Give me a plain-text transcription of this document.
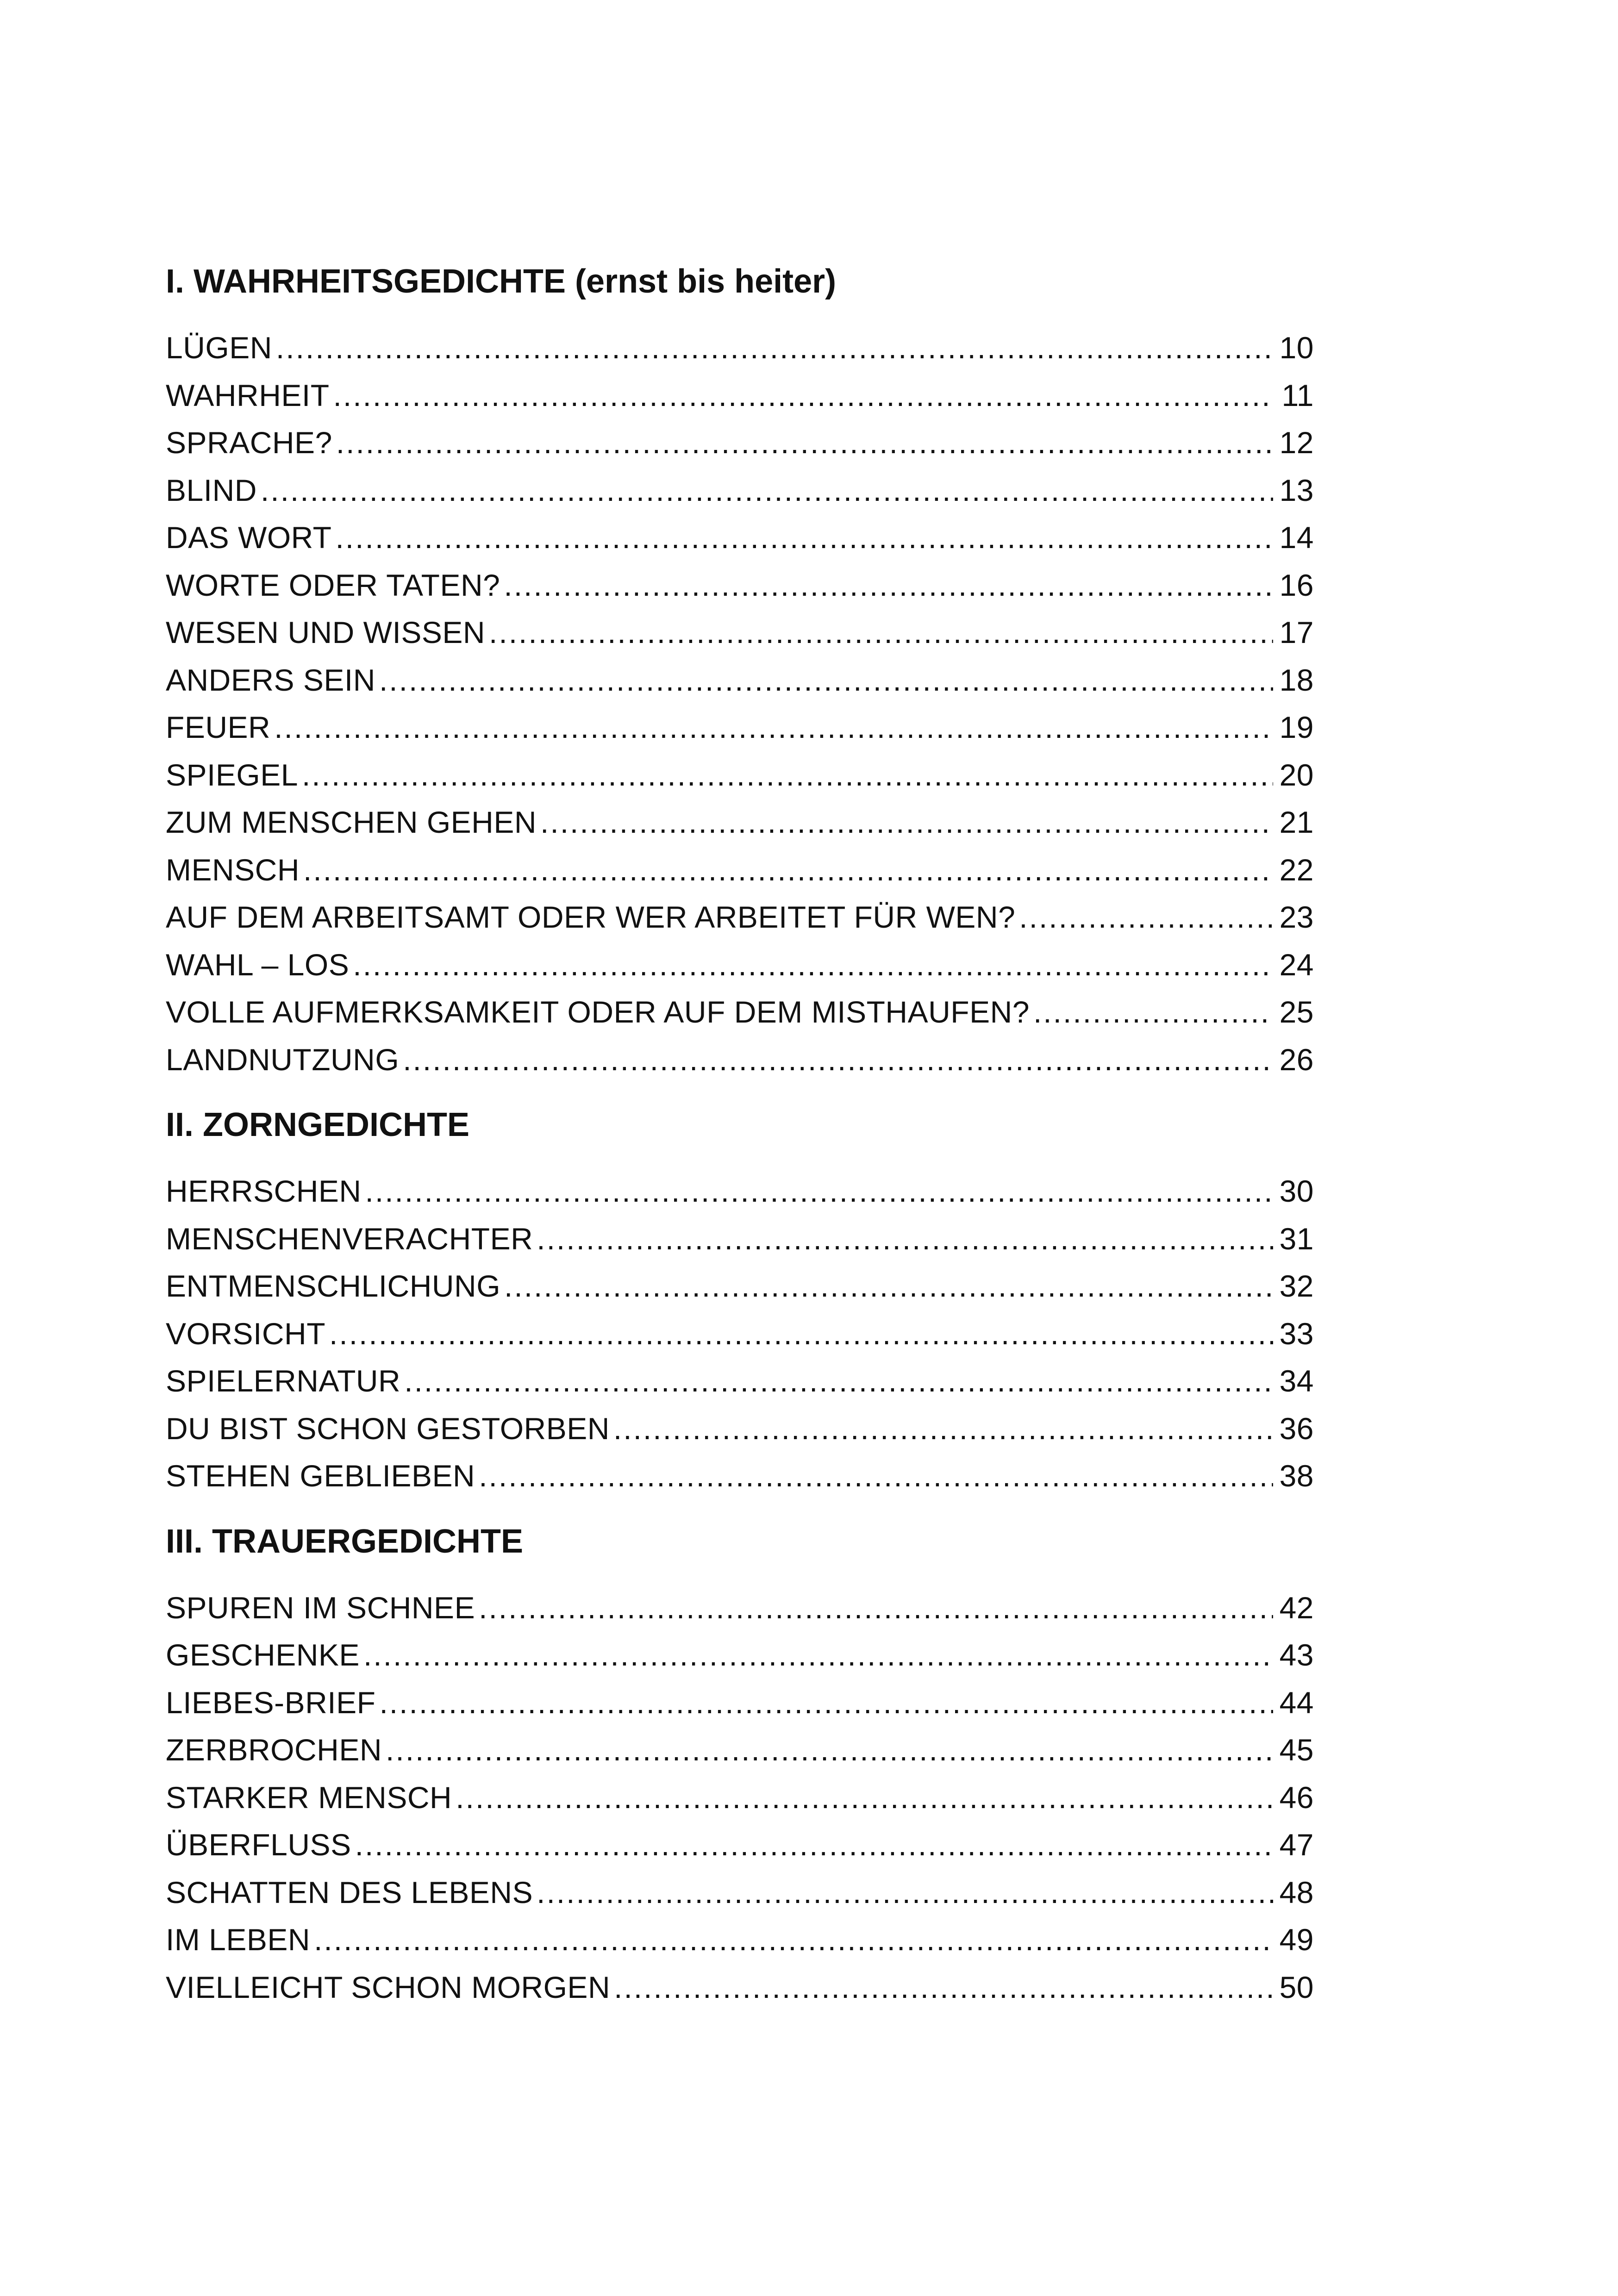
I. WAHRHEITSGEDICHTE (ernst bis heiter)
LÜGEN .....	10
WAHRHEIT .....	11
SPRACHE? .....	12
BLIND .....	13
DAS WORT .....	14
WORTE ODER TATEN? .....	16
WESEN UND WISSEN .....	17
ANDERS SEIN .....	18
FEUER .....	19
SPIEGEL .....	20
ZUM MENSCHEN GEHEN .....	21
MENSCH .....	22
AUF DEM ARBEITSAMT ODER WER ARBEITET FÜR WEN? .....	23
WAHL – LOS .....	24
VOLLE AUFMERKSAMKEIT ODER AUF DEM MISTHAUFEN? .....	25
LANDNUTZUNG .....	26
II. ZORNGEDICHTE
HERRSCHEN .....	30
MENSCHENVERACHTER .....	31
ENTMENSCHLICHUNG .....	32
VORSICHT .....	33
SPIELERNATUR .....	34
DU BIST SCHON GESTORBEN .....	36
STEHEN GEBLIEBEN .....	38
III. TRAUERGEDICHTE
SPUREN IM SCHNEE .....	42
GESCHENKE .....	43
LIEBES-BRIEF .....	44
ZERBROCHEN .....	45
STARKER MENSCH .....	46
ÜBERFLUSS .....	47
SCHATTEN DES LEBENS .....	48
IM LEBEN .....	49
VIELLEICHT SCHON MORGEN .....	50
